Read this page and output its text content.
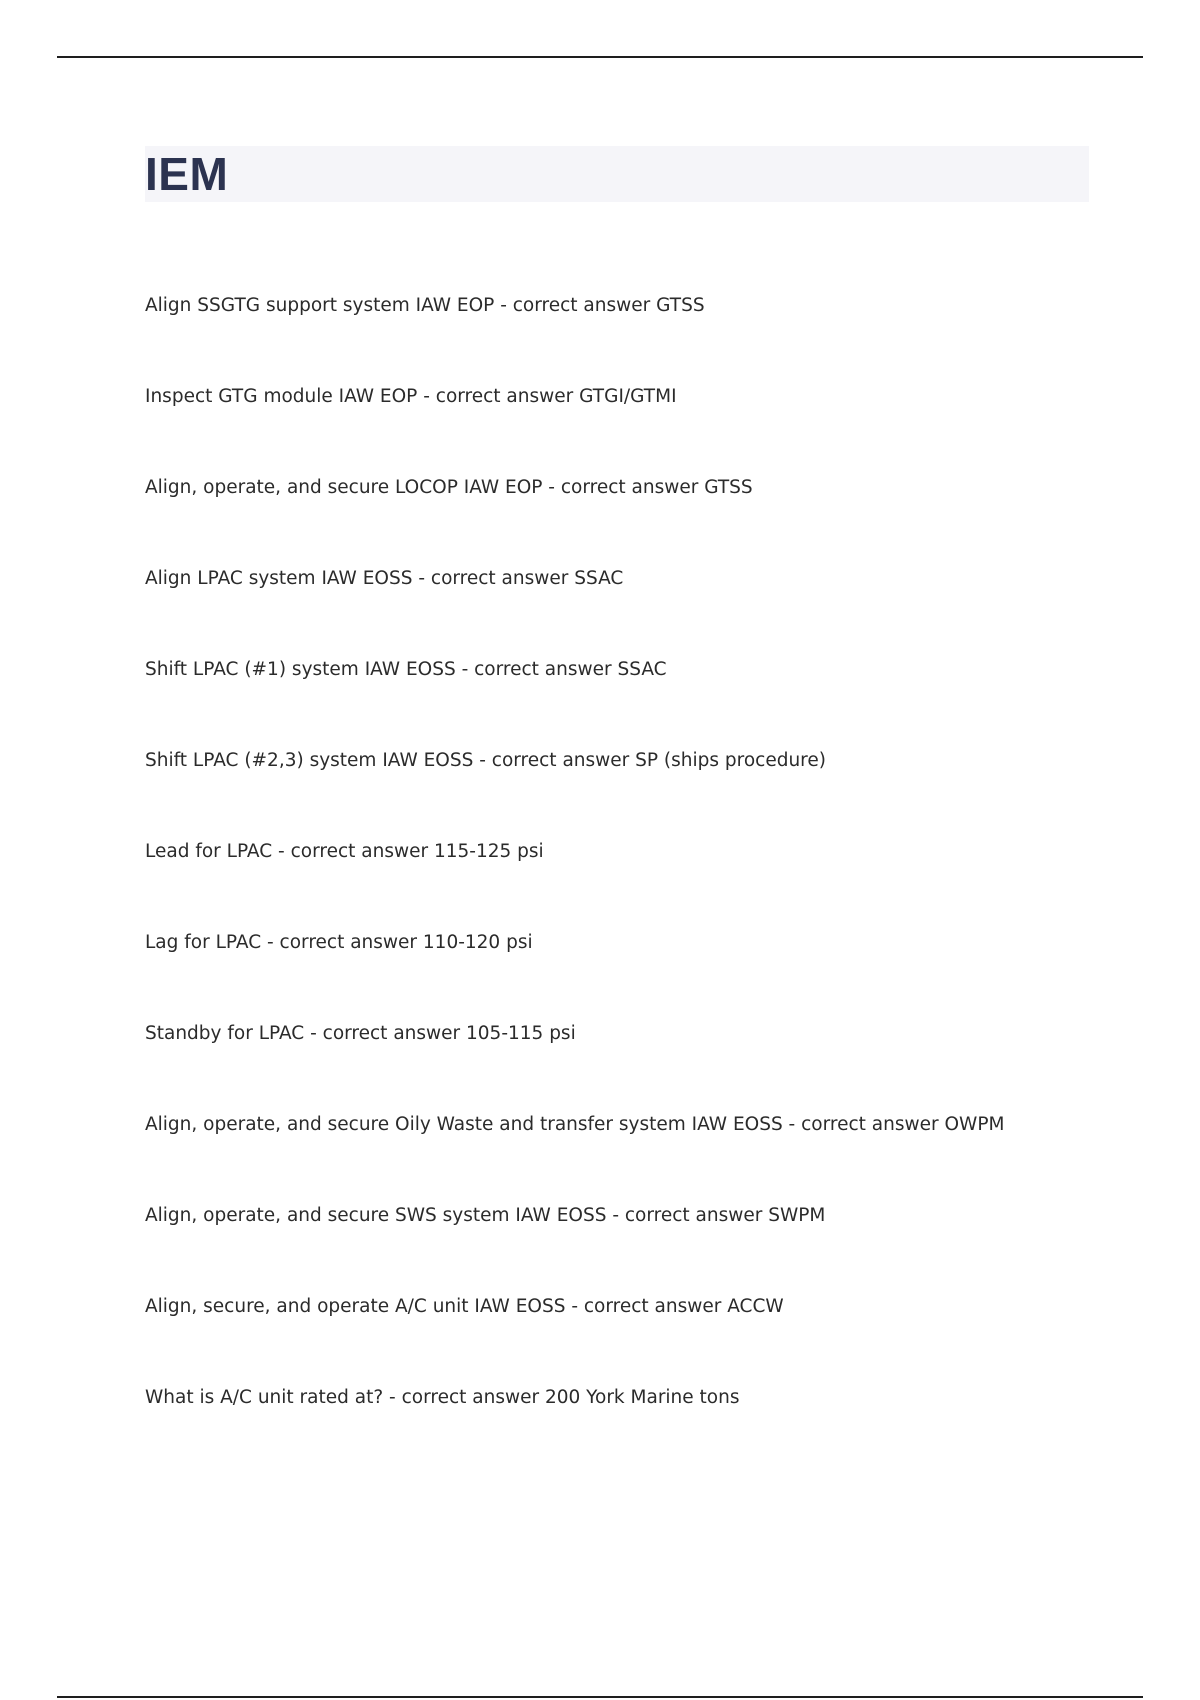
IEM
Align SSGTG support system IAW EOP - correct answer GTSS
Inspect GTG module IAW EOP - correct answer GTGI/GTMI
Align, operate, and secure LOCOP IAW EOP - correct answer GTSS
Align LPAC system IAW EOSS - correct answer SSAC
Shift LPAC (#1) system IAW EOSS - correct answer SSAC
Shift LPAC (#2,3) system IAW EOSS - correct answer SP (ships procedure)
Lead for LPAC - correct answer 115-125 psi
Lag for LPAC - correct answer 110-120 psi
Standby for LPAC - correct answer 105-115 psi
Align, operate, and secure Oily Waste and transfer system IAW EOSS - correct answer OWPM
Align, operate, and secure SWS system IAW EOSS - correct answer SWPM
Align, secure, and operate A/C unit IAW EOSS - correct answer ACCW
What is A/C unit rated at? - correct answer 200 York Marine tons
